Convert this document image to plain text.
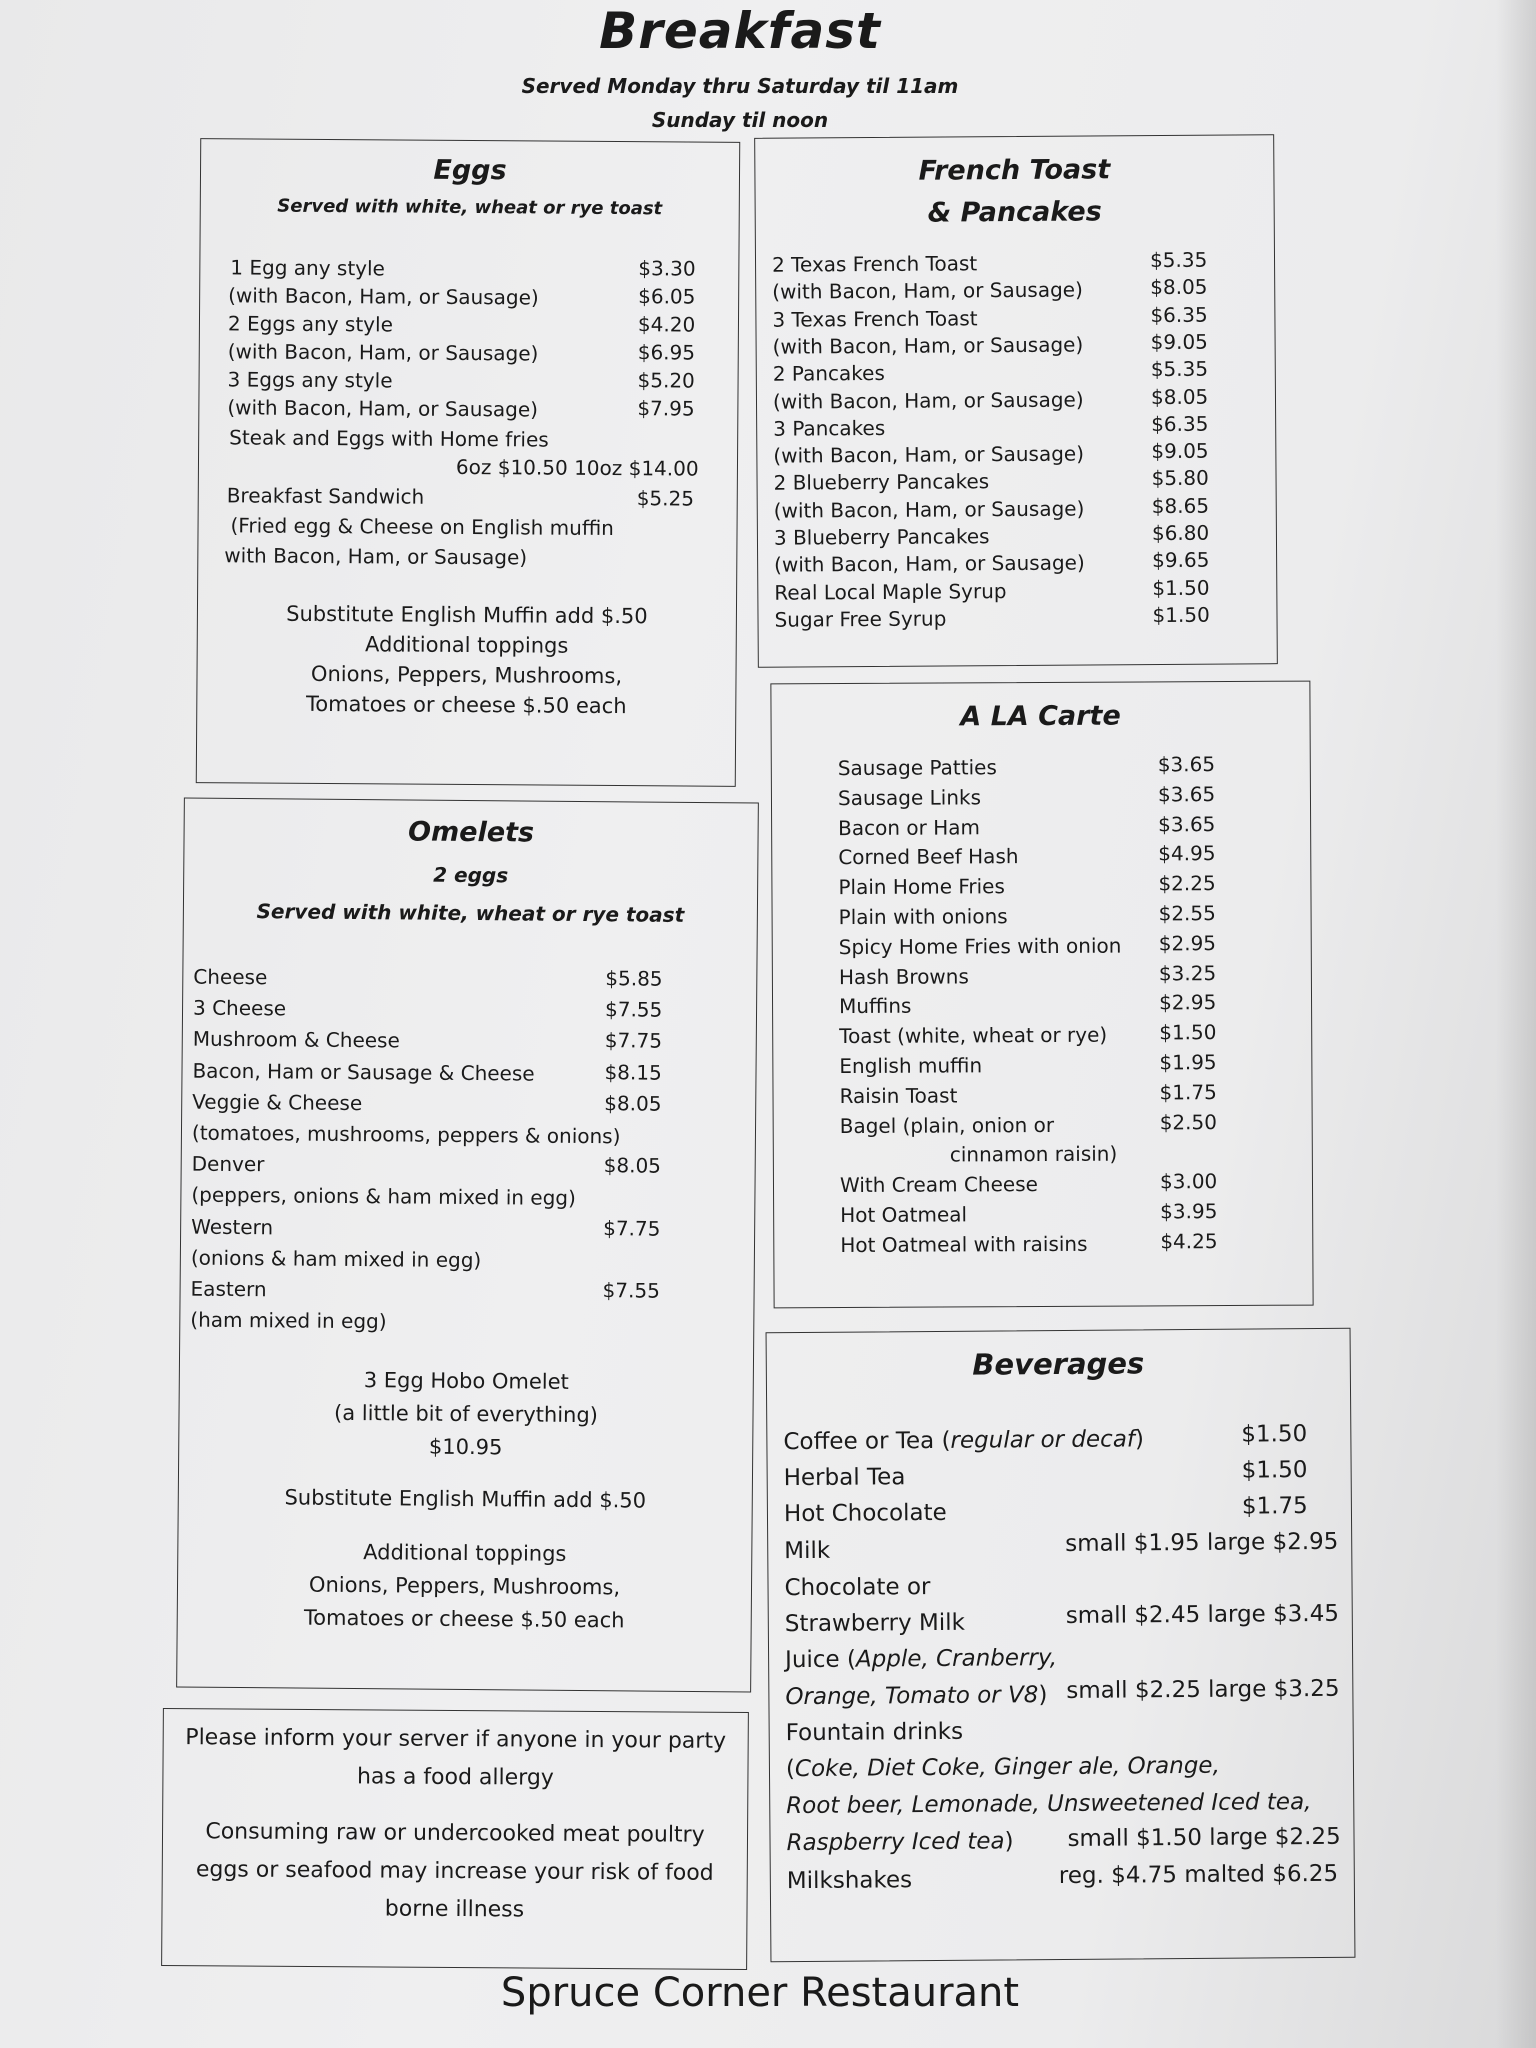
Breakfast
Served Monday thru Saturday til 11am
Sunday til noon
Eggs
Served with white, wheat or rye toast
1 Egg any style	$3.30
(with Bacon, Ham, or Sausage)	$6.05
2 Eggs any style	$4.20
(with Bacon, Ham, or Sausage)	$6.95
3 Eggs any style	$5.20
(with Bacon, Ham, or Sausage)	$7.95
Steak and Eggs with Home fries
6oz $10.50 10oz $14.00
Breakfast Sandwich	$5.25
(Fried egg & Cheese on English muffin
with Bacon, Ham, or Sausage)
Substitute English Muffin add $.50
Additional toppings
Onions, Peppers, Mushrooms,
Tomatoes or cheese $.50 each
French Toast
& Pancakes
2 Texas French Toast	$5.35
(with Bacon, Ham, or Sausage)	$8.05
3 Texas French Toast	$6.35
(with Bacon, Ham, or Sausage)	$9.05
2 Pancakes	$5.35
(with Bacon, Ham, or Sausage)	$8.05
3 Pancakes	$6.35
(with Bacon, Ham, or Sausage)	$9.05
2 Blueberry Pancakes	$5.80
(with Bacon, Ham, or Sausage)	$8.65
3 Blueberry Pancakes	$6.80
(with Bacon, Ham, or Sausage)	$9.65
Real Local Maple Syrup	$1.50
Sugar Free Syrup	$1.50
Omelets
2 eggs
Served with white, wheat or rye toast
Cheese	$5.85
3 Cheese	$7.55
Mushroom & Cheese	$7.75
Bacon, Ham or Sausage & Cheese	$8.15
Veggie & Cheese	$8.05
(tomatoes, mushrooms, peppers & onions)
Denver	$8.05
(peppers, onions & ham mixed in egg)
Western	$7.75
(onions & ham mixed in egg)
Eastern	$7.55
(ham mixed in egg)
3 Egg Hobo Omelet
(a little bit of everything)
$10.95
Substitute English Muffin add $.50
Additional toppings
Onions, Peppers, Mushrooms,
Tomatoes or cheese $.50 each
A LA Carte
Sausage Patties	$3.65
Sausage Links	$3.65
Bacon or Ham	$3.65
Corned Beef Hash	$4.95
Plain Home Fries	$2.25
Plain with onions	$2.55
Spicy Home Fries with onion $2.95
Hash Browns	$3.25
Muffins	$2.95
Toast (white, wheat or rye)	$1.50
English muffin	$1.95
Raisin Toast	$1.75
Bagel (plain, onion or	$2.50
cinnamon raisin)
With Cream Cheese	$3.00
Hot Oatmeal	$3.95
Hot Oatmeal with raisins	$4.25
Beverages
Coffee or Tea (regular or decaf)	$1.50
Herbal Tea	$1.50
Hot Chocolate	$1.75
Milk	small $1.95 large $2.95
Chocolate or
Strawberry Milk	small $2.45 large $3.45
Juice (Apple, Cranberry,
Orange, Tomato or V8) small $2.25 large $3.25
Fountain drinks
(Coke, Diet Coke, Ginger ale, Orange,
Root beer, Lemonade, Unsweetened Iced tea,
Raspberry Iced tea) small $1.50 large $2.25
Milkshakes	reg. $4.75 malted $6.25
Please inform your server if anyone in your party
has a food allergy
Consuming raw or undercooked meat poultry
eggs or seafood may increase your risk of food
borne illness
Spruce Corner Restaurant
